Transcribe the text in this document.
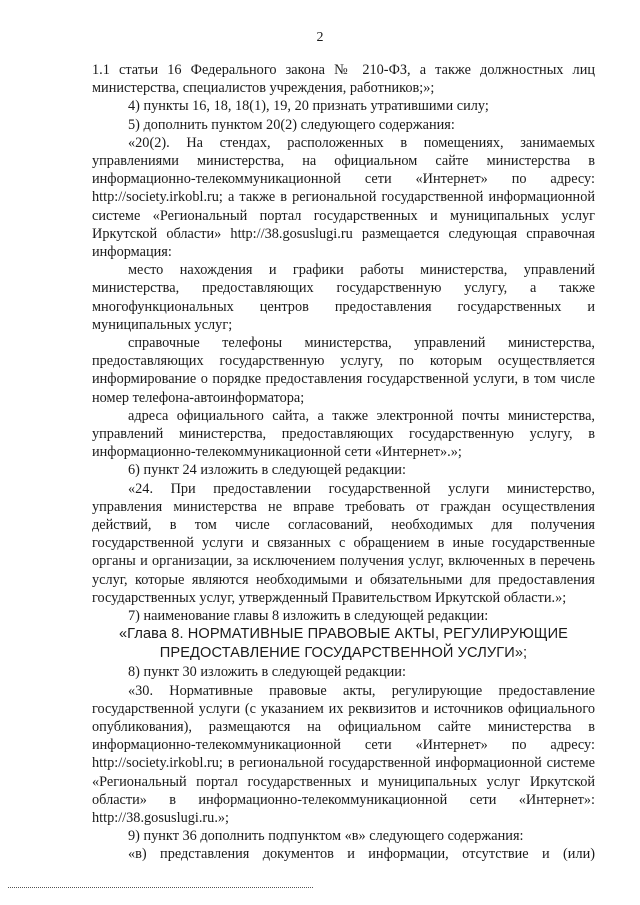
2

1.1 статьи 16 Федерального закона № 210-ФЗ, а также должностных лиц министерства, специалистов учреждения, работников;»;

4) пункты 16, 18, 18(1), 19, 20 признать утратившими силу;

5) дополнить пунктом 20(2) следующего содержания:

«20(2). На стендах, расположенных в помещениях, занимаемых управлениями министерства, на официальном сайте министерства в информационно-телекоммуникационной сети «Интернет» по адресу: http://society.irkobl.ru; а также в региональной государственной информационной системе «Региональный портал государственных и муниципальных услуг Иркутской области» http://38.gosuslugi.ru размещается следующая справочная информация:

место нахождения и графики работы министерства, управлений министерства, предоставляющих государственную услугу, а также многофункциональных центров предоставления государственных и муниципальных услуг;

справочные телефоны министерства, управлений министерства, предоставляющих государственную услугу, по которым осуществляется информирование о порядке предоставления государственной услуги, в том числе номер телефона-автоинформатора;

адреса официального сайта, а также электронной почты министерства, управлений министерства, предоставляющих государственную услугу, в информационно-телекоммуникационной сети «Интернет».»;

6) пункт 24 изложить в следующей редакции:

«24. При предоставлении государственной услуги министерство, управления министерства не вправе требовать от граждан осуществления действий, в том числе согласований, необходимых для получения государственной услуги и связанных с обращением в иные государственные органы и организации, за исключением получения услуг, включенных в перечень услуг, которые являются необходимыми и обязательными для предоставления государственных услуг, утвержденный Правительством Иркутской области.»;

7) наименование главы 8 изложить в следующей редакции:

«Глава 8. НОРМАТИВНЫЕ ПРАВОВЫЕ АКТЫ, РЕГУЛИРУЮЩИЕ ПРЕДОСТАВЛЕНИЕ ГОСУДАРСТВЕННОЙ УСЛУГИ»;

8) пункт 30 изложить в следующей редакции:

«30. Нормативные правовые акты, регулирующие предоставление государственной услуги (с указанием их реквизитов и источников официального опубликования), размещаются на официальном сайте министерства в информационно-телекоммуникационной сети «Интернет» по адресу: http://society.irkobl.ru; в региональной государственной информационной системе «Региональный портал государственных и муниципальных услуг Иркутской области» в информационно-телекоммуникационной сети «Интернет»: http://38.gosuslugi.ru.»;

9) пункт 36 дополнить подпунктом «в» следующего содержания:

«в) представления документов и информации, отсутствие и (или)
